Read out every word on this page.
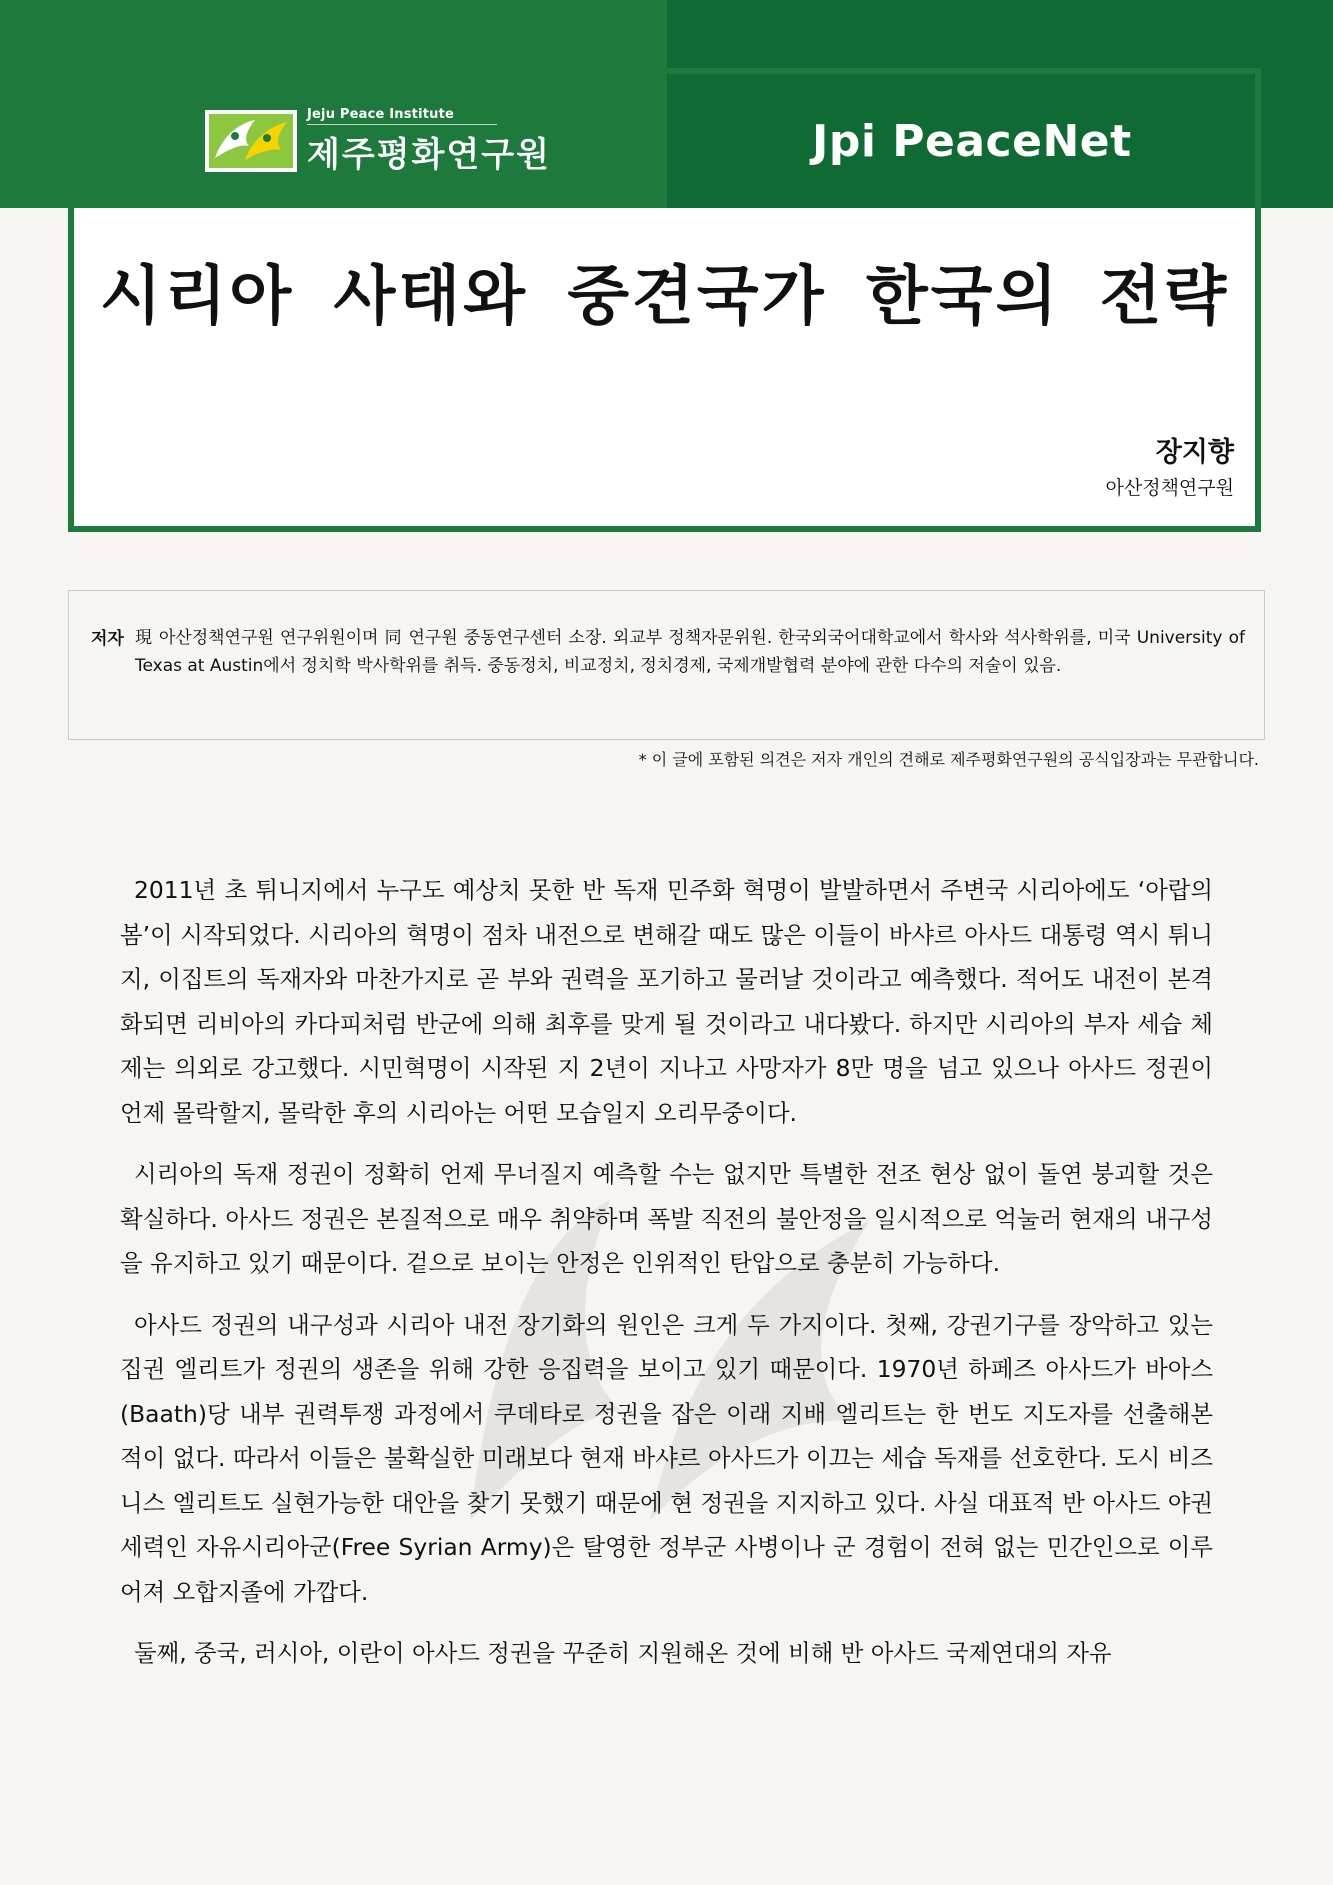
Jeju Peace Institute
제주평화연구원	Jpi PeaceNet
시리아 사태와 중견국가 한국의 전략
장지향
아산정책연구원
저자 現 아산정책연구원 연구위원이며 同 연구원 중동연구센터 소장. 외교부 정책자문위원. 한국외국어대학교에서 학사와 석사학위를, 미국 University of Texas at Austin에서 정치학 박사학위를 취득. 중동정치, 비교정치, 정치경제, 국제개발협력 분야에 관한 다수의 저술이 있음.
* 이 글에 포함된 의견은 저자 개인의 견해로 제주평화연구원의 공식입장과는 무관합니다.

2011년 초 튀니지에서 누구도 예상치 못한 반 독재 민주화 혁명이 발발하면서 주변국 시리아에도 ‘아랍의 봄’이 시작되었다. 시리아의 혁명이 점차 내전으로 변해갈 때도 많은 이들이 바샤르 아사드 대통령 역시 튀니지, 이집트의 독재자와 마찬가지로 곧 부와 권력을 포기하고 물러날 것이라고 예측했다. 적어도 내전이 본격화되면 리비아의 카다피처럼 반군에 의해 최후를 맞게 될 것이라고 내다봤다. 하지만 시리아의 부자 세습 체제는 의외로 강고했다. 시민혁명이 시작된 지 2년이 지나고 사망자가 8만 명을 넘고 있으나 아사드 정권이 언제 몰락할지, 몰락한 후의 시리아는 어떤 모습일지 오리무중이다.

시리아의 독재 정권이 정확히 언제 무너질지 예측할 수는 없지만 특별한 전조 현상 없이 돌연 붕괴할 것은 확실하다. 아사드 정권은 본질적으로 매우 취약하며 폭발 직전의 불안정을 일시적으로 억눌러 현재의 내구성을 유지하고 있기 때문이다. 겉으로 보이는 안정은 인위적인 탄압으로 충분히 가능하다.

아사드 정권의 내구성과 시리아 내전 장기화의 원인은 크게 두 가지이다. 첫째, 강권기구를 장악하고 있는 집권 엘리트가 정권의 생존을 위해 강한 응집력을 보이고 있기 때문이다. 1970년 하페즈 아사드가 바아스(Baath)당 내부 권력투쟁 과정에서 쿠데타로 정권을 잡은 이래 지배 엘리트는 한 번도 지도자를 선출해본 적이 없다. 따라서 이들은 불확실한 미래보다 현재 바샤르 아사드가 이끄는 세습 독재를 선호한다. 도시 비즈니스 엘리트도 실현가능한 대안을 찾기 못했기 때문에 현 정권을 지지하고 있다. 사실 대표적 반 아사드 야권 세력인 자유시리아군(Free Syrian Army)은 탈영한 정부군 사병이나 군 경험이 전혀 없는 민간인으로 이루어져 오합지졸에 가깝다.

둘째, 중국, 러시아, 이란이 아사드 정권을 꾸준히 지원해온 것에 비해 반 아사드 국제연대의 자유
